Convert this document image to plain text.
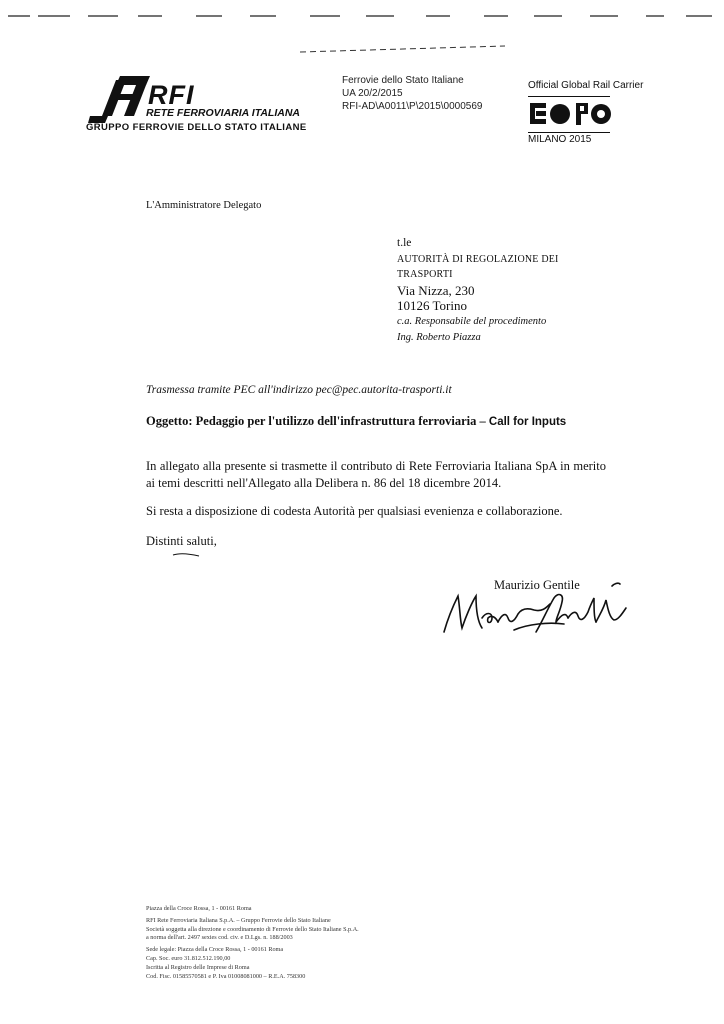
RFI
RETE FERROVIARIA ITALIANA
GRUPPO FERROVIE DELLO STATO ITALIANE
Ferrovie dello Stato Italiane
UA 20/2/2015
RFI-AD\A0011\P\2015\0000569
Official Global Rail Carrier
MILANO 2015
L'Amministratore Delegato
t.le
AUTORITÀ DI REGOLAZIONE DEI
TRASPORTI
Via Nizza, 230
10126 Torino
c.a. Responsabile del procedimento
Ing. Roberto Piazza
Trasmessa tramite PEC all'indirizzo pec@pec.autorita-trasporti.it
Oggetto: Pedaggio per l'utilizzo dell'infrastruttura ferroviaria – Call for Inputs
In allegato alla presente si trasmette il contributo di Rete Ferroviaria Italiana SpA in merito ai temi descritti nell'Allegato alla Delibera n. 86 del 18 dicembre 2014.
Si resta a disposizione di codesta Autorità per qualsiasi evenienza e collaborazione.
Distinti saluti,
Maurizio Gentile
Piazza della Croce Rossa, 1 - 00161 Roma
RFI Rete Ferroviaria Italiana S.p.A. – Gruppo Ferrovie dello Stato Italiane
Società soggetta alla direzione e coordinamento di Ferrovie dello Stato Italiane S.p.A.
a norma dell'art. 2497 sexies cod. civ. e D.Lgs. n. 188/2003
Sede legale: Piazza della Croce Rossa, 1 - 00161 Roma
Cap. Soc. euro 31.812.512.190,00
Iscritta al Registro delle Imprese di Roma
Cod. Fisc. 01585570581 e P. Iva 01008081000 – R.E.A. 758300
